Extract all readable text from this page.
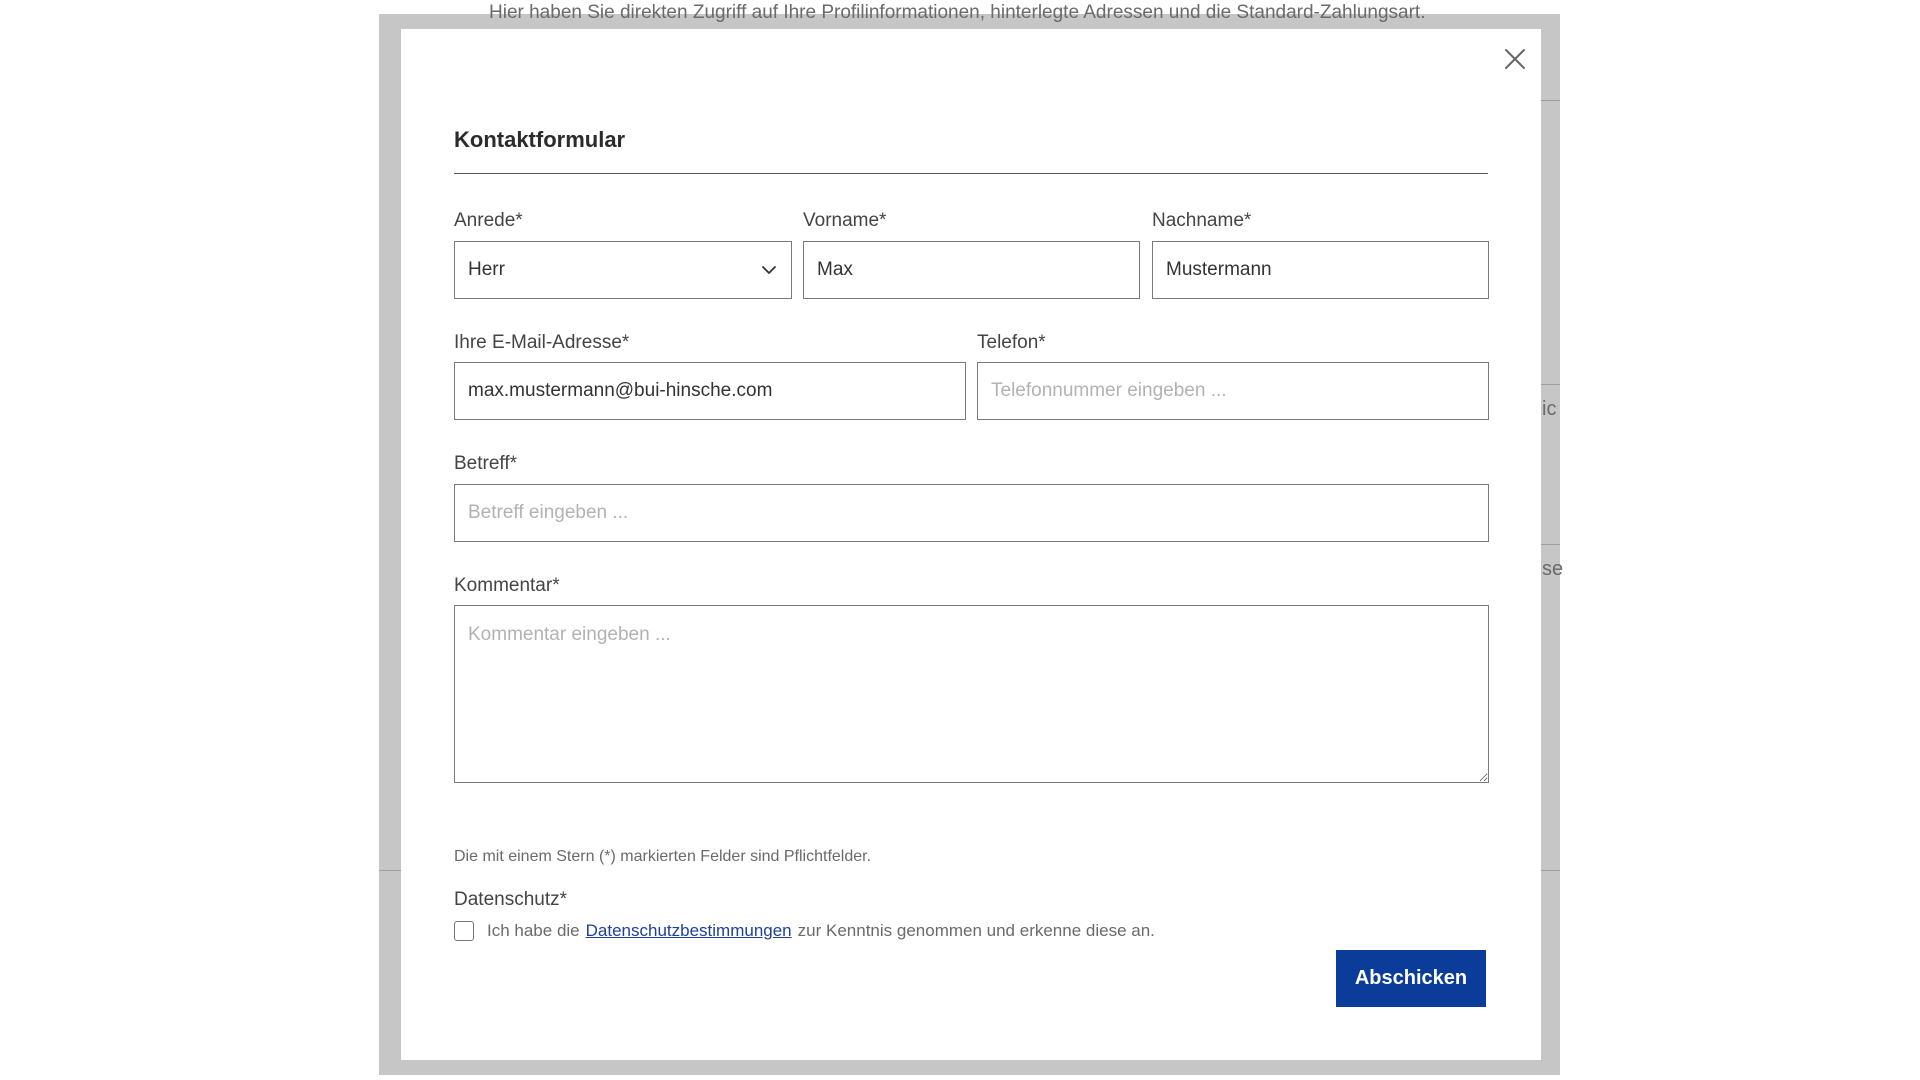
Hier haben Sie direkten Zugriff auf Ihre Profilinformationen, hinterlegte Adressen und die Standard-Zahlungsart.
ic
se
Kontaktformular
Anrede*
Herr
Vorname*
Max	Nachname*
Mustermann
Ihre E-Mail-Adresse*
max.mustermann@bui-hinsche.com	Telefon*
Telefonnummer eingeben ...
Betreff*
Betreff eingeben ...
Kommentar*
Kommentar eingeben ...
Die mit einem Stern (*) markierten Felder sind Pflichtfelder.
Datenschutz*
Ich habe die Datenschutzbestimmungen zur Kenntnis genommen und erkenne diese an.
Abschicken
